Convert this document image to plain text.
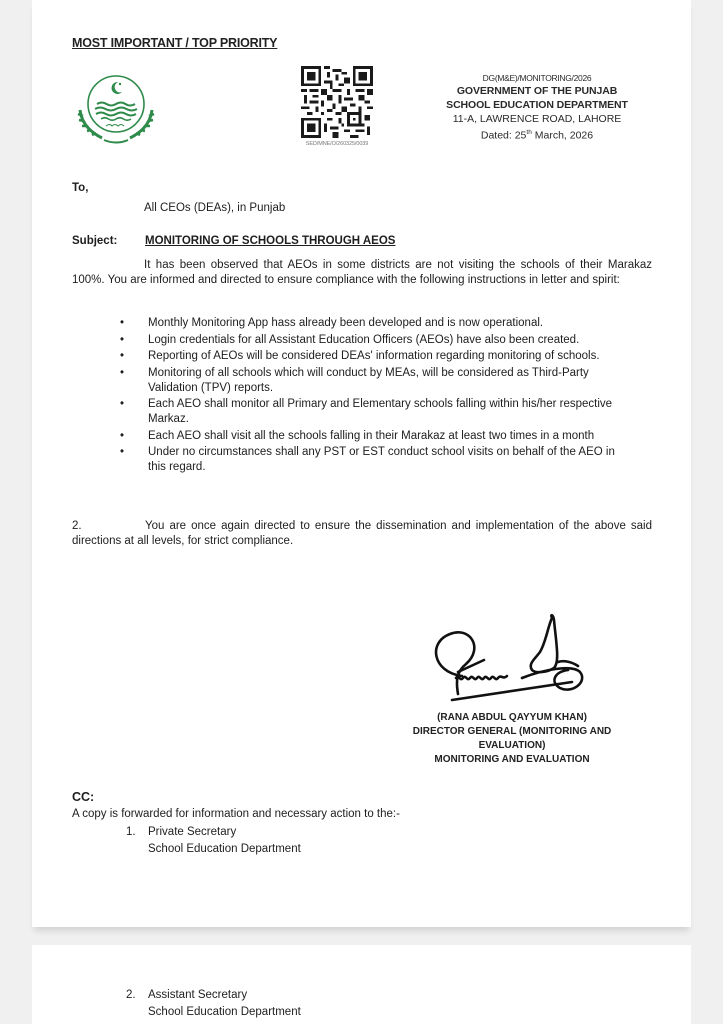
MOST IMPORTANT / TOP PRIORITY
SED/MNE/O/260325/0039
DG(M&E)/MONITORING/2026
GOVERNMENT OF THE PUNJAB
SCHOOL EDUCATION DEPARTMENT
11-A, LAWRENCE ROAD, LAHORE
Dated: 25th March, 2026
To,
All CEOs (DEAs), in Punjab
Subject: MONITORING OF SCHOOLS THROUGH AEOS
It has been observed that AEOs in some districts are not visiting the schools of their Marakaz 100%. You are informed and directed to ensure compliance with the following instructions in letter and spirit:
• Monthly Monitoring App hass already been developed and is now operational.
• Login credentials for all Assistant Education Officers (AEOs) have also been created.
• Reporting of AEOs will be considered DEAs' information regarding monitoring of schools.
• Monitoring of all schools which will conduct by MEAs, will be considered as Third-Party Validation (TPV) reports.
• Each AEO shall monitor all Primary and Elementary schools falling within his/her respective Markaz.
• Each AEO shall visit all the schools falling in their Marakaz at least two times in a month
• Under no circumstances shall any PST or EST conduct school visits on behalf of the AEO in this regard.
2.	You are once again directed to ensure the dissemination and implementation of the above said directions at all levels, for strict compliance.
(RANA ABDUL QAYYUM KHAN)
DIRECTOR GENERAL (MONITORING AND
EVALUATION)
MONITORING AND EVALUATION
CC:
A copy is forwarded for information and necessary action to the:-
1. Private Secretary
School Education Department
2. Assistant Secretary
School Education Department
